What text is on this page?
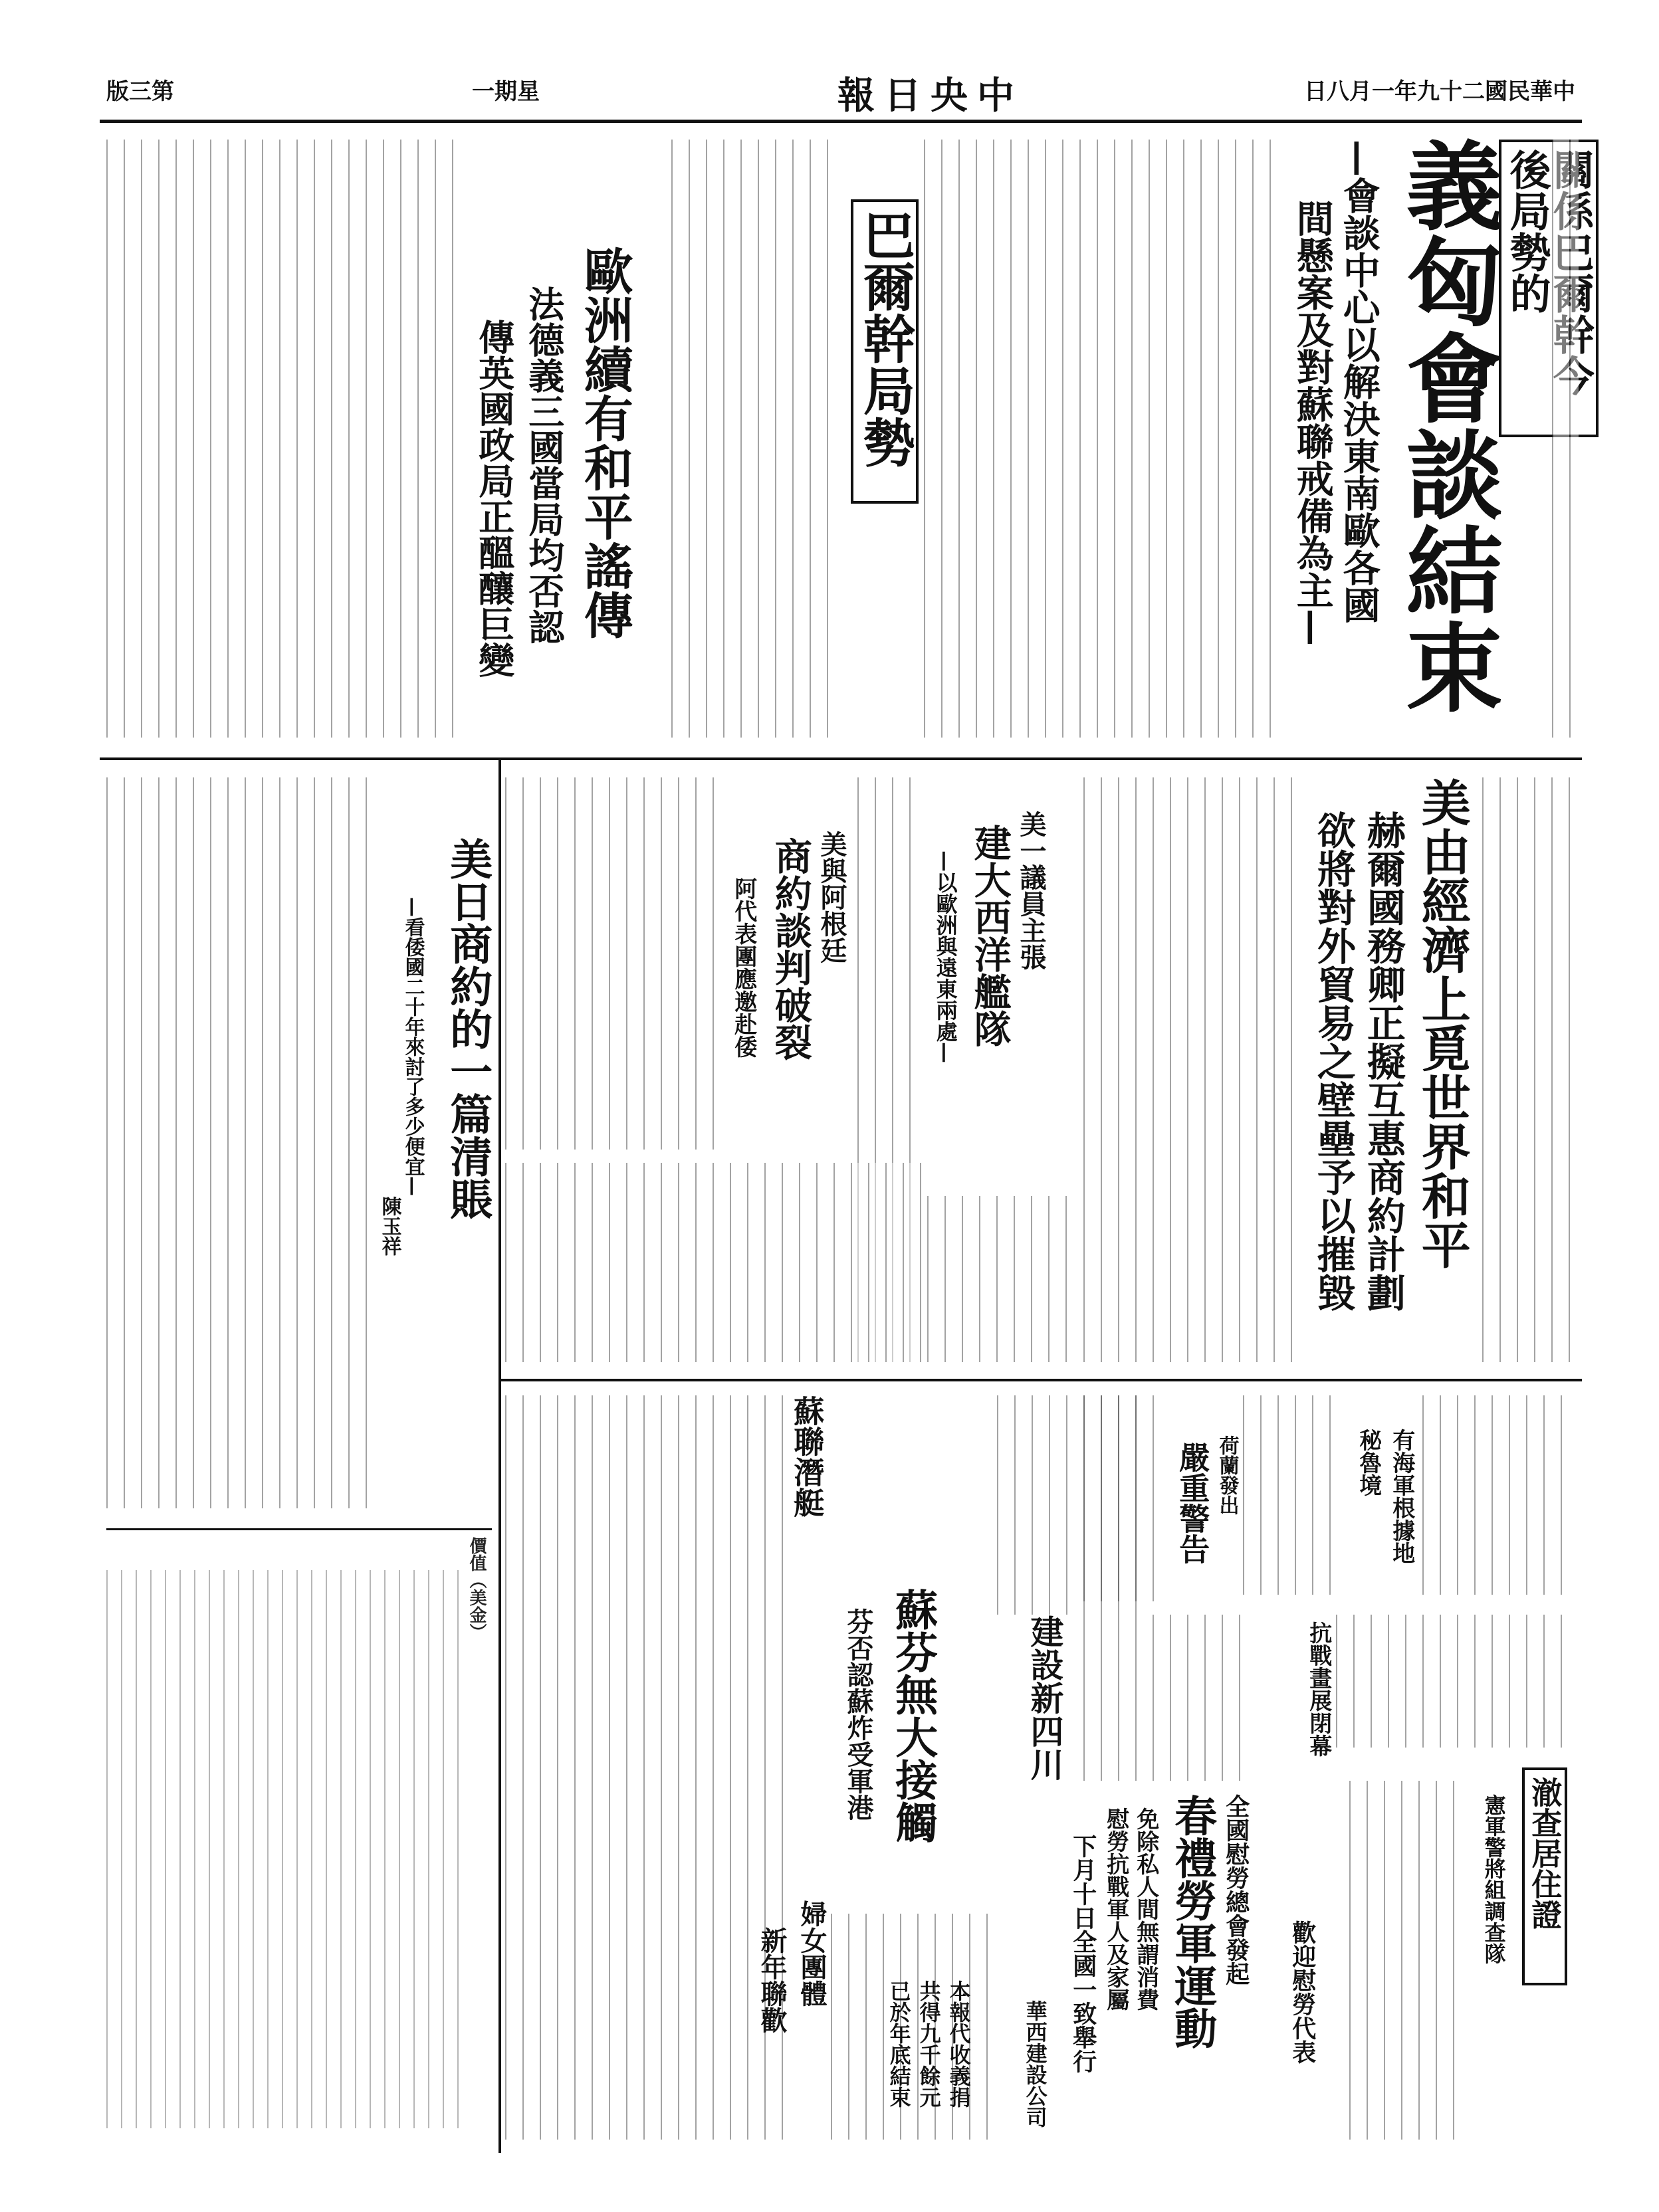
版三第	一期星	報日央中	日八月一年九十二國民華中
關係巴爾幹今後局勢的
義匈會談結束
—會談中心以解決東南歐各國
間懸案及對蘇聯戒備為主—
巴爾幹局勢
歐洲續有和平謠傳
法德義三國當局均否認
傳英國政局正醞釀巨變
美由經濟上覓世界和平
赫爾國務卿正擬互惠商約計劃
欲將對外貿易之壁壘予以摧毀
美一議員主張
建大西洋艦隊
—以歐洲與遠東兩處—
美與阿根廷
商約談判破裂
阿代表團應邀赴倭
美日商約的一篇清賬
—看倭國二十年來討了多少便宜—
陳玉祥
價值（美金）
蘇聯潛艇
蘇芬無大接觸
芬否認蘇炸受軍港	建設新四川
荷蘭發出
嚴重警告	有海軍根據地
秘魯境
全國慰勞總會發起
春禮勞軍運動
免除私人間無謂消費
慰勞抗戰軍人及家屬
抗戰畫展閉幕
澈查居住證
憲軍警將組調查隊
歡迎慰勞代表
婦女團體
新年聯歡	本報代收義捐
共得九千餘元
已於年底結束	下月十日全國一致舉行
華西建設公司
